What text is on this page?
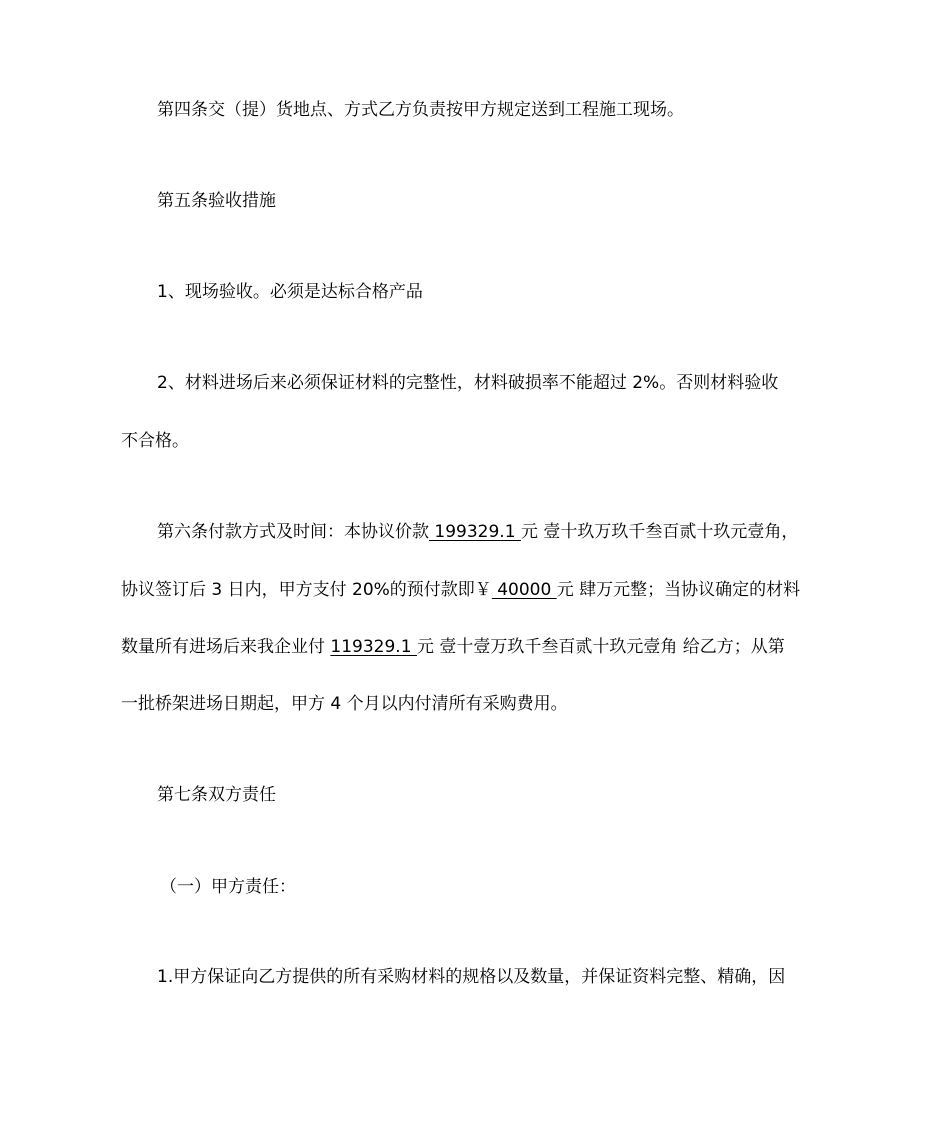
第四条交（提）货地点、方式乙方负责按甲方规定送到工程施工现场。
第五条验收措施
1、现场验收。必须是达标合格产品
2、材料进场后来必须保证材料的完整性，材料破损率不能超过 2%。否则材料验收
不合格。
第六条付款方式及时间：本协议价款 199329.1 元 壹十玖万玖千叁百贰十玖元壹角，
协议签订后 3 日内，甲方支付 20%的预付款即￥ 40000 元 肆万元整；当协议确定的材料
数量所有进场后来我企业付 119329.1 元 壹十壹万玖千叁百贰十玖元壹角 给乙方；从第
一批桥架进场日期起，甲方 4 个月以内付清所有采购费用。
第七条双方责任
（一）甲方责任：
1.甲方保证向乙方提供的所有采购材料的规格以及数量，并保证资料完整、精确，因
